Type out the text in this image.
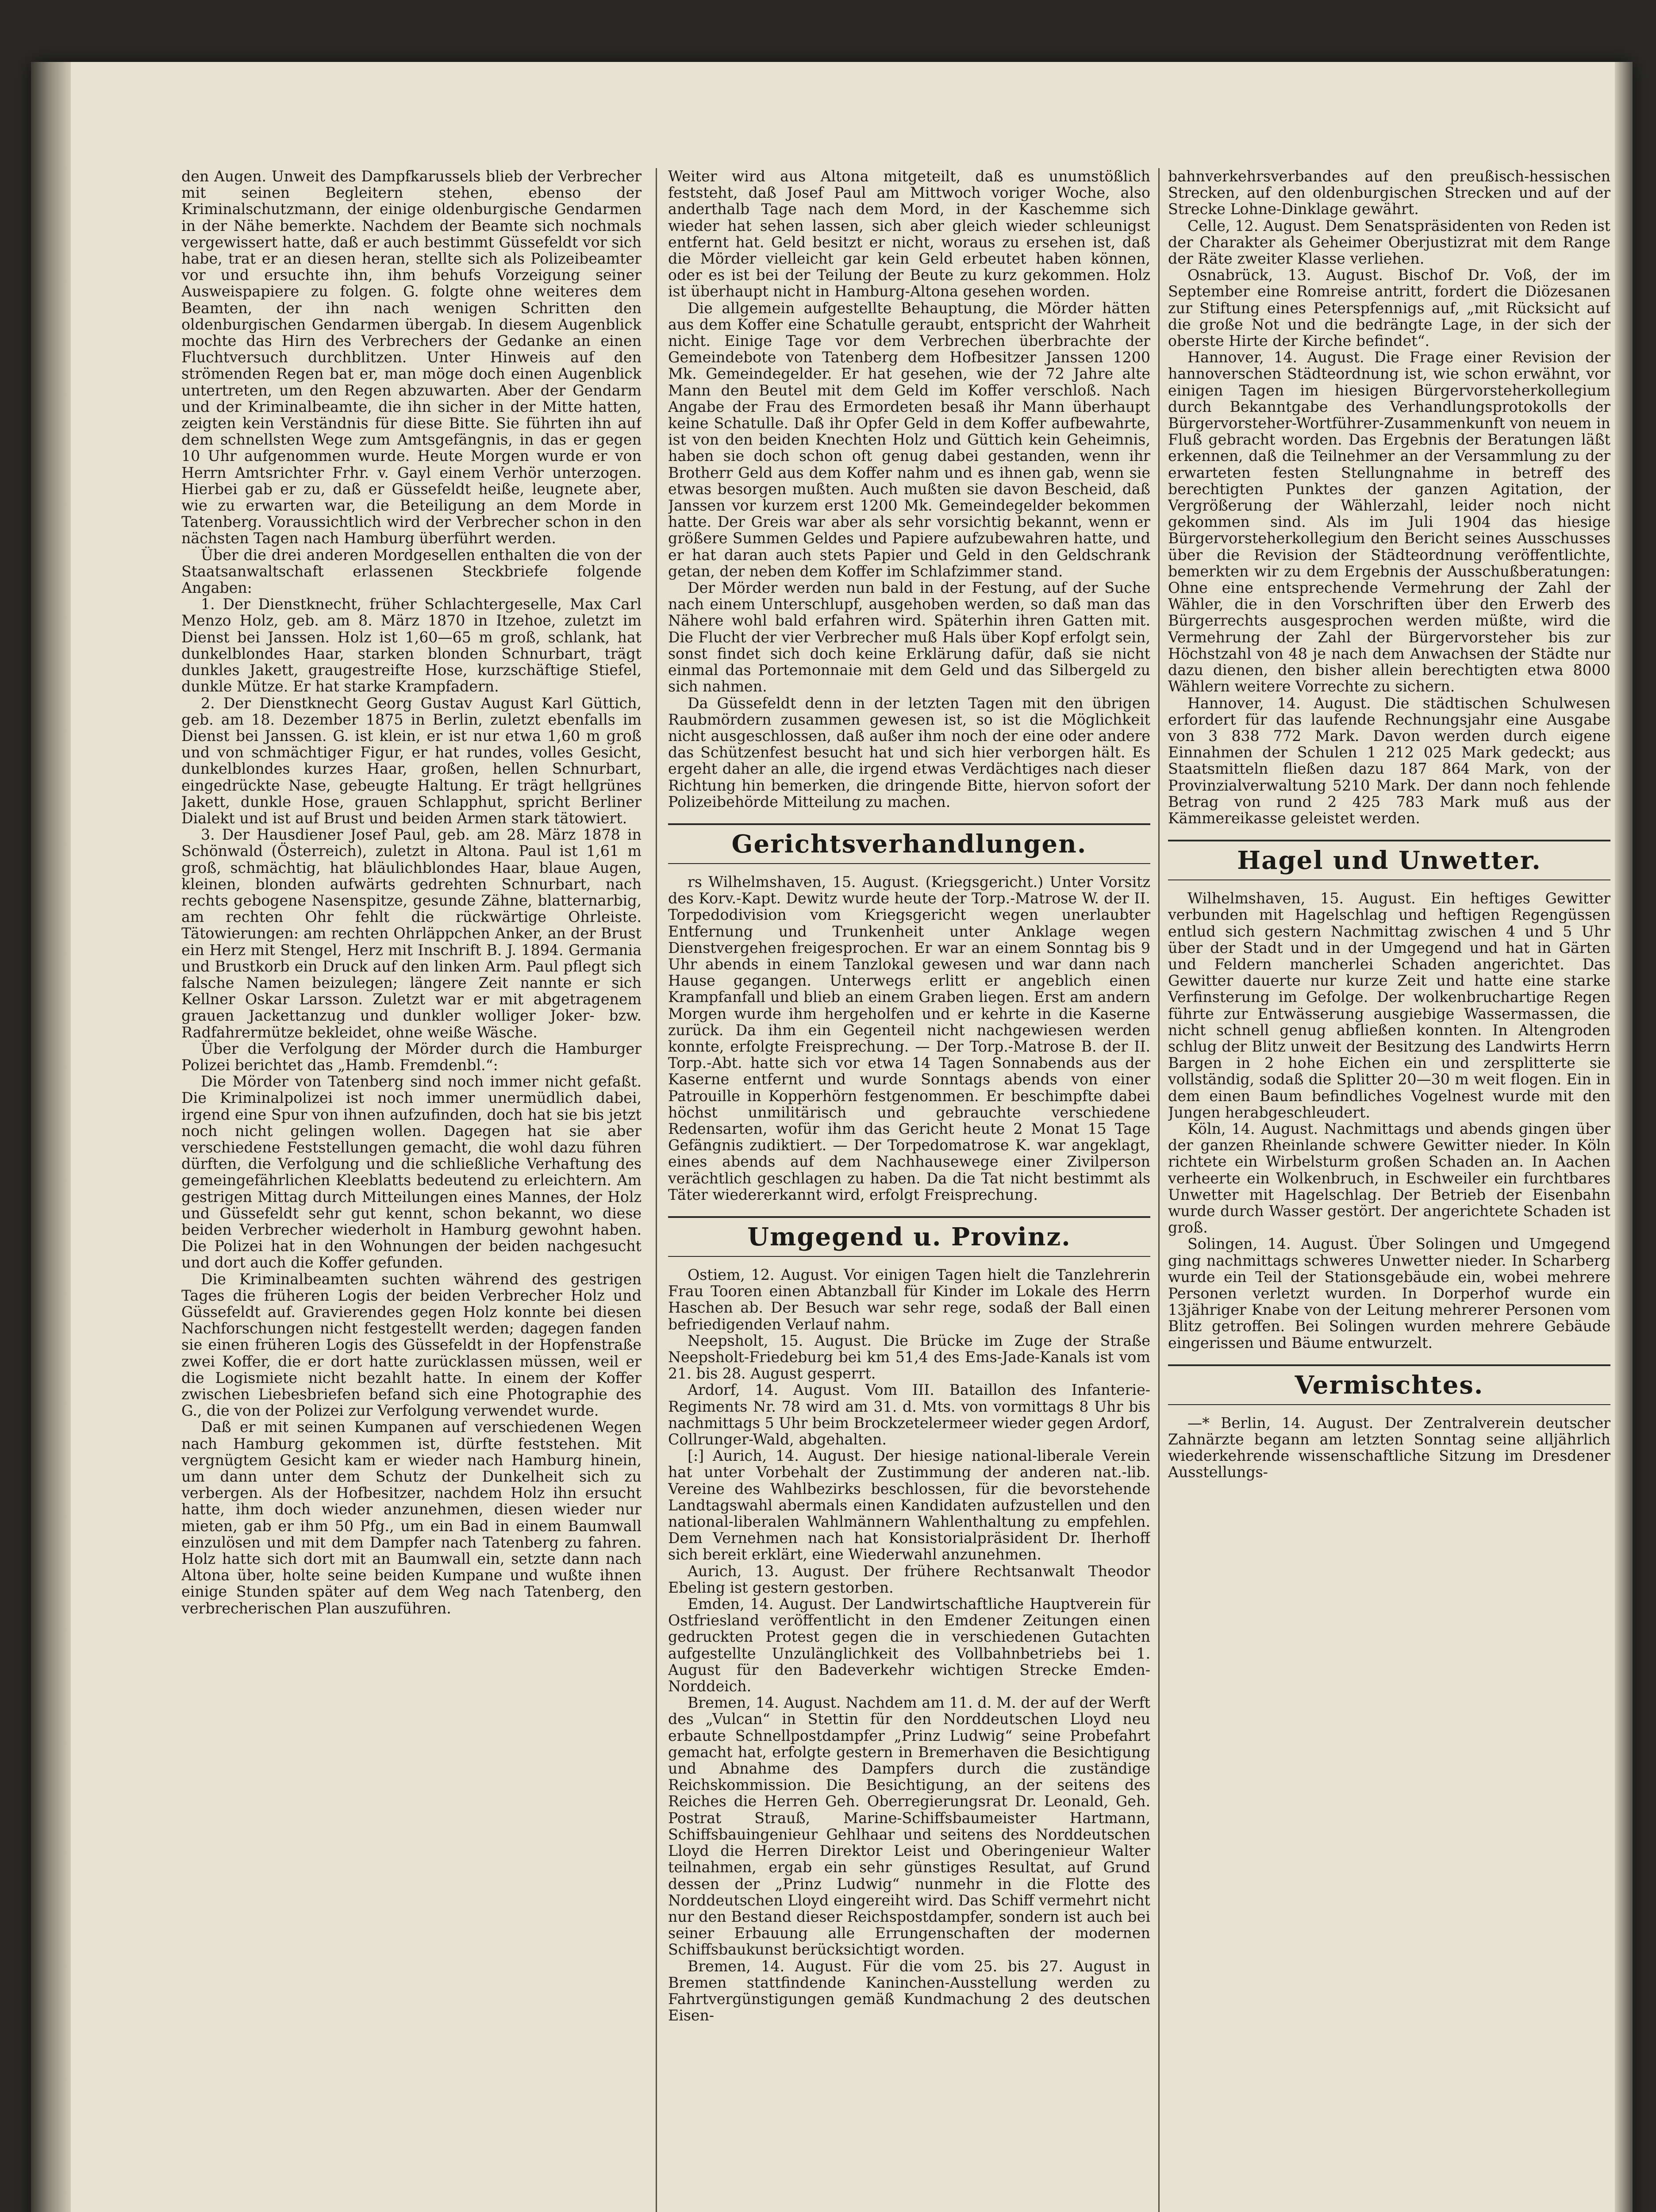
den Augen. Unweit des Dampfkarussels blieb der Verbrecher mit seinen Begleitern stehen, ebenso der Kriminalschutzmann, der einige oldenburgische Gendarmen in der Nähe bemerkte. Nachdem der Beamte sich nochmals vergewissert hatte, daß er auch bestimmt Güssefeldt vor sich habe, trat er an diesen heran, stellte sich als Polizeibeamter vor und ersuchte ihn, ihm behufs Vorzeigung seiner Ausweispapiere zu folgen. G. folgte ohne weiteres dem Beamten, der ihn nach wenigen Schritten den oldenburgischen Gendarmen übergab. In diesem Augenblick mochte das Hirn des Verbrechers der Gedanke an einen Fluchtversuch durchblitzen. Unter Hinweis auf den strömenden Regen bat er, man möge doch einen Augenblick untertreten, um den Regen abzuwarten. Aber der Gendarm und der Kriminalbeamte, die ihn sicher in der Mitte hatten, zeigten kein Verständnis für diese Bitte. Sie führten ihn auf dem schnellsten Wege zum Amtsgefängnis, in das er gegen 10 Uhr aufgenommen wurde. Heute Morgen wurde er von Herrn Amtsrichter Frhr. v. Gayl einem Verhör unterzogen. Hierbei gab er zu, daß er Güssefeldt heiße, leugnete aber, wie zu erwarten war, die Beteiligung an dem Morde in Tatenberg. Voraussichtlich wird der Verbrecher schon in den nächsten Tagen nach Hamburg überführt werden.

Über die drei anderen Mordgesellen enthalten die von der Staatsanwaltschaft erlassenen Steckbriefe folgende Angaben:

1. Der Dienstknecht, früher Schlachtergeselle, Max Carl Menzo Holz, geb. am 8. März 1870 in Itzehoe, zuletzt im Dienst bei Janssen. Holz ist 1,60—65 m groß, schlank, hat dunkelblondes Haar, starken blonden Schnurbart, trägt dunkles Jakett, graugestreifte Hose, kurzschäftige Stiefel, dunkle Mütze. Er hat starke Krampfadern.

2. Der Dienstknecht Georg Gustav August Karl Güttich, geb. am 18. Dezember 1875 in Berlin, zuletzt ebenfalls im Dienst bei Janssen. G. ist klein, er ist nur etwa 1,60 m groß und von schmächtiger Figur, er hat rundes, volles Gesicht, dunkelblondes kurzes Haar, großen, hellen Schnurbart, eingedrückte Nase, gebeugte Haltung. Er trägt hellgrünes Jakett, dunkle Hose, grauen Schlapphut, spricht Berliner Dialekt und ist auf Brust und beiden Armen stark tätowiert.

3. Der Hausdiener Josef Paul, geb. am 28. März 1878 in Schönwald (Österreich), zuletzt in Altona. Paul ist 1,61 m groß, schmächtig, hat bläulichblondes Haar, blaue Augen, kleinen, blonden aufwärts gedrehten Schnurbart, nach rechts gebogene Nasenspitze, gesunde Zähne, blatternarbig, am rechten Ohr fehlt die rückwärtige Ohrleiste. Tätowierungen: am rechten Ohrläppchen Anker, an der Brust ein Herz mit Stengel, Herz mit Inschrift B. J. 1894. Germania und Brustkorb ein Druck auf den linken Arm. Paul pflegt sich falsche Namen beizulegen; längere Zeit nannte er sich Kellner Oskar Larsson. Zuletzt war er mit abgetragenem grauen Jackettanzug und dunkler wolliger Joker- bzw. Radfahrermütze bekleidet, ohne weiße Wäsche.

Über die Verfolgung der Mörder durch die Hamburger Polizei berichtet das „Hamb. Fremdenbl.“:

Die Mörder von Tatenberg sind noch immer nicht gefaßt. Die Kriminalpolizei ist noch immer unermüdlich dabei, irgend eine Spur von ihnen aufzufinden, doch hat sie bis jetzt noch nicht gelingen wollen. Dagegen hat sie aber verschiedene Feststellungen gemacht, die wohl dazu führen dürften, die Verfolgung und die schließliche Verhaftung des gemeingefährlichen Kleeblatts bedeutend zu erleichtern. Am gestrigen Mittag durch Mitteilungen eines Mannes, der Holz und Güssefeldt sehr gut kennt, schon bekannt, wo diese beiden Verbrecher wiederholt in Hamburg gewohnt haben. Die Polizei hat in den Wohnungen der beiden nachgesucht und dort auch die Koffer gefunden.

Die Kriminalbeamten suchten während des gestrigen Tages die früheren Logis der beiden Verbrecher Holz und Güssefeldt auf. Gravierendes gegen Holz konnte bei diesen Nachforschungen nicht festgestellt werden; dagegen fanden sie einen früheren Logis des Güssefeldt in der Hopfenstraße zwei Koffer, die er dort hatte zurücklassen müssen, weil er die Logismiete nicht bezahlt hatte. In einem der Koffer zwischen Liebesbriefen befand sich eine Photographie des G., die von der Polizei zur Verfolgung verwendet wurde.

Daß er mit seinen Kumpanen auf verschiedenen Wegen nach Hamburg gekommen ist, dürfte feststehen. Mit vergnügtem Gesicht kam er wieder nach Hamburg hinein, um dann unter dem Schutz der Dunkelheit sich zu verbergen. Als der Hofbesitzer, nachdem Holz ihn ersucht hatte, ihm doch wieder anzunehmen, diesen wieder nur mieten, gab er ihm 50 Pfg., um ein Bad in einem Baumwall einzulösen und mit dem Dampfer nach Tatenberg zu fahren. Holz hatte sich dort mit an Baumwall ein, setzte dann nach Altona über, holte seine beiden Kumpane und wußte ihnen einige Stunden später auf dem Weg nach Tatenberg, den verbrecherischen Plan auszuführen.

Weiter wird aus Altona mitgeteilt, daß es unumstößlich feststeht, daß Josef Paul am Mittwoch voriger Woche, also anderthalb Tage nach dem Mord, in der Kaschemme sich wieder hat sehen lassen, sich aber gleich wieder schleunigst entfernt hat. Geld besitzt er nicht, woraus zu ersehen ist, daß die Mörder vielleicht gar kein Geld erbeutet haben können, oder es ist bei der Teilung der Beute zu kurz gekommen. Holz ist überhaupt nicht in Hamburg-Altona gesehen worden.

Die allgemein aufgestellte Behauptung, die Mörder hätten aus dem Koffer eine Schatulle geraubt, entspricht der Wahrheit nicht. Einige Tage vor dem Verbrechen überbrachte der Gemeindebote von Tatenberg dem Hofbesitzer Janssen 1200 Mk. Gemeindegelder. Er hat gesehen, wie der 72 Jahre alte Mann den Beutel mit dem Geld im Koffer verschloß. Nach Angabe der Frau des Ermordeten besaß ihr Mann überhaupt keine Schatulle. Daß ihr Opfer Geld in dem Koffer aufbewahrte, ist von den beiden Knechten Holz und Güttich kein Geheimnis, haben sie doch schon oft genug dabei gestanden, wenn ihr Brotherr Geld aus dem Koffer nahm und es ihnen gab, wenn sie etwas besorgen mußten. Auch mußten sie davon Bescheid, daß Janssen vor kurzem erst 1200 Mk. Gemeindegelder bekommen hatte. Der Greis war aber als sehr vorsichtig bekannt, wenn er größere Summen Geldes und Papiere aufzubewahren hatte, und er hat daran auch stets Papier und Geld in den Geldschrank getan, der neben dem Koffer im Schlafzimmer stand.

Der Mörder werden nun bald in der Festung, auf der Suche nach einem Unterschlupf, ausgehoben werden, so daß man das Nähere wohl bald erfahren wird. Späterhin ihren Gatten mit. Die Flucht der vier Verbrecher muß Hals über Kopf erfolgt sein, sonst findet sich doch keine Erklärung dafür, daß sie nicht einmal das Portemonnaie mit dem Geld und das Silbergeld zu sich nahmen.

Da Güssefeldt denn in der letzten Tagen mit den übrigen Raubmördern zusammen gewesen ist, so ist die Möglichkeit nicht ausgeschlossen, daß außer ihm noch der eine oder andere das Schützenfest besucht hat und sich hier verborgen hält. Es ergeht daher an alle, die irgend etwas Verdächtiges nach dieser Richtung hin bemerken, die dringende Bitte, hiervon sofort der Polizeibehörde Mitteilung zu machen.

Gerichtsverhandlungen.

rs Wilhelmshaven, 15. August. (Kriegsgericht.) Unter Vorsitz des Korv.-Kapt. Dewitz wurde heute der Torp.-Matrose W. der II. Torpedodivision vom Kriegsgericht wegen unerlaubter Entfernung und Trunkenheit unter Anklage wegen Dienstvergehen freigesprochen. Er war an einem Sonntag bis 9 Uhr abends in einem Tanzlokal gewesen und war dann nach Hause gegangen. Unterwegs erlitt er angeblich einen Krampfanfall und blieb an einem Graben liegen. Erst am andern Morgen wurde ihm hergeholfen und er kehrte in die Kaserne zurück. Da ihm ein Gegenteil nicht nachgewiesen werden konnte, erfolgte Freisprechung. — Der Torp.-Matrose B. der II. Torp.-Abt. hatte sich vor etwa 14 Tagen Sonnabends aus der Kaserne entfernt und wurde Sonntags abends von einer Patrouille in Kopperhörn festgenommen. Er beschimpfte dabei höchst unmilitärisch und gebrauchte verschiedene Redensarten, wofür ihm das Gericht heute 2 Monat 15 Tage Gefängnis zudiktiert. — Der Torpedomatrose K. war angeklagt, eines abends auf dem Nachhausewege einer Zivilperson verächtlich geschlagen zu haben. Da die Tat nicht bestimmt als Täter wiedererkannt wird, erfolgt Freisprechung.

Umgegend u. Provinz.

Ostiem, 12. August. Vor einigen Tagen hielt die Tanzlehrerin Frau Tooren einen Abtanzball für Kinder im Lokale des Herrn Haschen ab. Der Besuch war sehr rege, sodaß der Ball einen befriedigenden Verlauf nahm.

Neepsholt, 15. August. Die Brücke im Zuge der Straße Neepsholt-Friedeburg bei km 51,4 des Ems-Jade-Kanals ist vom 21. bis 28. August gesperrt.

Ardorf, 14. August. Vom III. Bataillon des Infanterie-Regiments Nr. 78 wird am 31. d. Mts. von vormittags 8 Uhr bis nachmittags 5 Uhr beim Brockzetelermeer wieder gegen Ardorf, Collrunger-Wald, abgehalten.

[:] Aurich, 14. August. Der hiesige national-liberale Verein hat unter Vorbehalt der Zustimmung der anderen nat.-lib. Vereine des Wahlbezirks beschlossen, für die bevorstehende Landtagswahl abermals einen Kandidaten aufzustellen und den national-liberalen Wahlmännern Wahlenthaltung zu empfehlen. Dem Vernehmen nach hat Konsistorialpräsident Dr. Iherhoff sich bereit erklärt, eine Wiederwahl anzunehmen.

Aurich, 13. August. Der frühere Rechtsanwalt Theodor Ebeling ist gestern gestorben.

Emden, 14. August. Der Landwirtschaftliche Hauptverein für Ostfriesland veröffentlicht in den Emdener Zeitungen einen gedruckten Protest gegen die in verschiedenen Gutachten aufgestellte Unzulänglichkeit des Vollbahnbetriebs bei 1. August für den Badeverkehr wichtigen Strecke Emden-Norddeich.

Bremen, 14. August. Nachdem am 11. d. M. der auf der Werft des „Vulcan“ in Stettin für den Norddeutschen Lloyd neu erbaute Schnellpostdampfer „Prinz Ludwig“ seine Probefahrt gemacht hat, erfolgte gestern in Bremerhaven die Besichtigung und Abnahme des Dampfers durch die zuständige Reichskommission. Die Besichtigung, an der seitens des Reiches die Herren Geh. Oberregierungsrat Dr. Leonald, Geh. Postrat Strauß, Marine-Schiffsbaumeister Hartmann, Schiffsbauingenieur Gehlhaar und seitens des Norddeutschen Lloyd die Herren Direktor Leist und Oberingenieur Walter teilnahmen, ergab ein sehr günstiges Resultat, auf Grund dessen der „Prinz Ludwig“ nunmehr in die Flotte des Norddeutschen Lloyd eingereiht wird. Das Schiff vermehrt nicht nur den Bestand dieser Reichspostdampfer, sondern ist auch bei seiner Erbauung alle Errungenschaften der modernen Schiffsbaukunst berücksichtigt worden.

Bremen, 14. August. Für die vom 25. bis 27. August in Bremen stattfindende Kaninchen-Ausstellung werden zu Fahrtvergünstigungen gemäß Kundmachung 2 des deutschen Eisen-

bahnverkehrsverbandes auf den preußisch-hessischen Strecken, auf den oldenburgischen Strecken und auf der Strecke Lohne-Dinklage gewährt.

Celle, 12. August. Dem Senatspräsidenten von Reden ist der Charakter als Geheimer Oberjustizrat mit dem Range der Räte zweiter Klasse verliehen.

Osnabrück, 13. August. Bischof Dr. Voß, der im September eine Romreise antritt, fordert die Diözesanen zur Stiftung eines Peterspfennigs auf, „mit Rücksicht auf die große Not und die bedrängte Lage, in der sich der oberste Hirte der Kirche befindet“.

Hannover, 14. August. Die Frage einer Revision der hannoverschen Städteordnung ist, wie schon erwähnt, vor einigen Tagen im hiesigen Bürgervorsteherkollegium durch Bekanntgabe des Verhandlungsprotokolls der Bürgervorsteher-Wortführer-Zusammenkunft von neuem in Fluß gebracht worden. Das Ergebnis der Beratungen läßt erkennen, daß die Teilnehmer an der Versammlung zu der erwarteten festen Stellungnahme in betreff des berechtigten Punktes der ganzen Agitation, der Vergrößerung der Wählerzahl, leider noch nicht gekommen sind. Als im Juli 1904 das hiesige Bürgervorsteherkollegium den Bericht seines Ausschusses über die Revision der Städteordnung veröffentlichte, bemerkten wir zu dem Ergebnis der Ausschußberatungen: Ohne eine entsprechende Vermehrung der Zahl der Wähler, die in den Vorschriften über den Erwerb des Bürgerrechts ausgesprochen werden müßte, wird die Vermehrung der Zahl der Bürgervorsteher bis zur Höchstzahl von 48 je nach dem Anwachsen der Städte nur dazu dienen, den bisher allein berechtigten etwa 8000 Wählern weitere Vorrechte zu sichern.

Hannover, 14. August. Die städtischen Schulwesen erfordert für das laufende Rechnungsjahr eine Ausgabe von 3 838 772 Mark. Davon werden durch eigene Einnahmen der Schulen 1 212 025 Mark gedeckt; aus Staatsmitteln fließen dazu 187 864 Mark, von der Provinzialverwaltung 5210 Mark. Der dann noch fehlende Betrag von rund 2 425 783 Mark muß aus der Kämmereikasse geleistet werden.

Hagel und Unwetter.

Wilhelmshaven, 15. August. Ein heftiges Gewitter verbunden mit Hagelschlag und heftigen Regengüssen entlud sich gestern Nachmittag zwischen 4 und 5 Uhr über der Stadt und in der Umgegend und hat in Gärten und Feldern mancherlei Schaden angerichtet. Das Gewitter dauerte nur kurze Zeit und hatte eine starke Verfinsterung im Gefolge. Der wolkenbruchartige Regen führte zur Entwässerung ausgiebige Wassermassen, die nicht schnell genug abfließen konnten. In Altengroden schlug der Blitz unweit der Besitzung des Landwirts Herrn Bargen in 2 hohe Eichen ein und zersplitterte sie vollständig, sodaß die Splitter 20—30 m weit flogen. Ein in dem einen Baum befindliches Vogelnest wurde mit den Jungen herabgeschleudert.

Köln, 14. August. Nachmittags und abends gingen über der ganzen Rheinlande schwere Gewitter nieder. In Köln richtete ein Wirbelsturm großen Schaden an. In Aachen verheerte ein Wolkenbruch, in Eschweiler ein furchtbares Unwetter mit Hagelschlag. Der Betrieb der Eisenbahn wurde durch Wasser gestört. Der angerichtete Schaden ist groß.

Solingen, 14. August. Über Solingen und Umgegend ging nachmittags schweres Unwetter nieder. In Scharberg wurde ein Teil der Stationsgebäude ein, wobei mehrere Personen verletzt wurden. In Dorperhof wurde ein 13jähriger Knabe von der Leitung mehrerer Personen vom Blitz getroffen. Bei Solingen wurden mehrere Gebäude eingerissen und Bäume entwurzelt.

Vermischtes.

—* Berlin, 14. August. Der Zentralverein deutscher Zahnärzte begann am letzten Sonntag seine alljährlich wiederkehrende wissenschaftliche Sitzung im Dresdener Ausstellungs-
